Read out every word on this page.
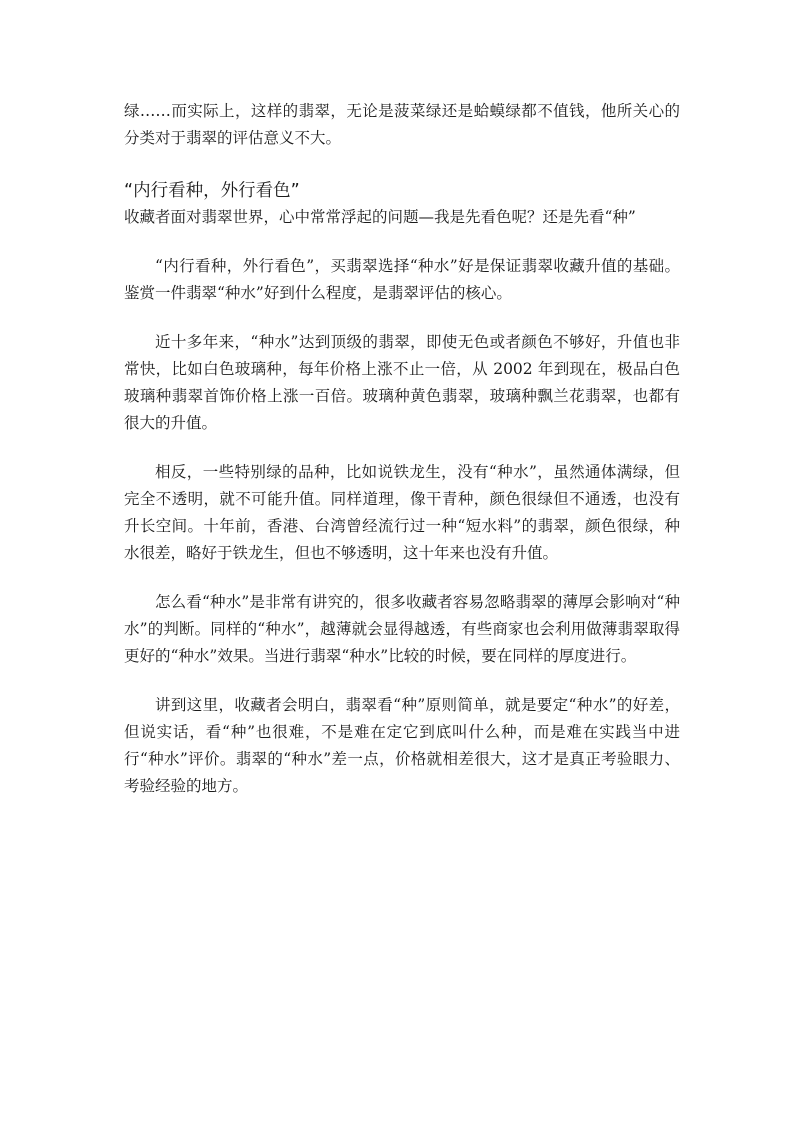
绿……而实际上，这样的翡翠，无论是菠菜绿还是蛤蟆绿都不值钱，他所关心的分类对于翡翠的评估意义不大。

“内行看种，外行看色”

收藏者面对翡翠世界，心中常常浮起的问题—我是先看色呢？还是先看“种”

“内行看种，外行看色”，买翡翠选择“种水”好是保证翡翠收藏升值的基础。鉴赏一件翡翠“种水”好到什么程度，是翡翠评估的核心。

近十多年来，“种水”达到顶级的翡翠，即使无色或者颜色不够好，升值也非常快，比如白色玻璃种，每年价格上涨不止一倍，从 2002 年到现在，极品白色玻璃种翡翠首饰价格上涨一百倍。玻璃种黄色翡翠，玻璃种飘兰花翡翠，也都有很大的升值。

相反，一些特别绿的品种，比如说铁龙生，没有“种水”，虽然通体满绿，但完全不透明，就不可能升值。同样道理，像干青种，颜色很绿但不通透，也没有升长空间。十年前，香港、台湾曾经流行过一种“短水料”的翡翠，颜色很绿，种水很差，略好于铁龙生，但也不够透明，这十年来也没有升值。

怎么看“种水”是非常有讲究的，很多收藏者容易忽略翡翠的薄厚会影响对“种水”的判断。同样的“种水”，越薄就会显得越透，有些商家也会利用做薄翡翠取得更好的“种水”效果。当进行翡翠“种水”比较的时候，要在同样的厚度进行。

讲到这里，收藏者会明白，翡翠看“种”原则简单，就是要定“种水”的好差，但说实话，看“种”也很难，不是难在定它到底叫什么种，而是难在实践当中进行“种水”评价。翡翠的“种水”差一点，价格就相差很大，这才是真正考验眼力、考验经验的地方。
